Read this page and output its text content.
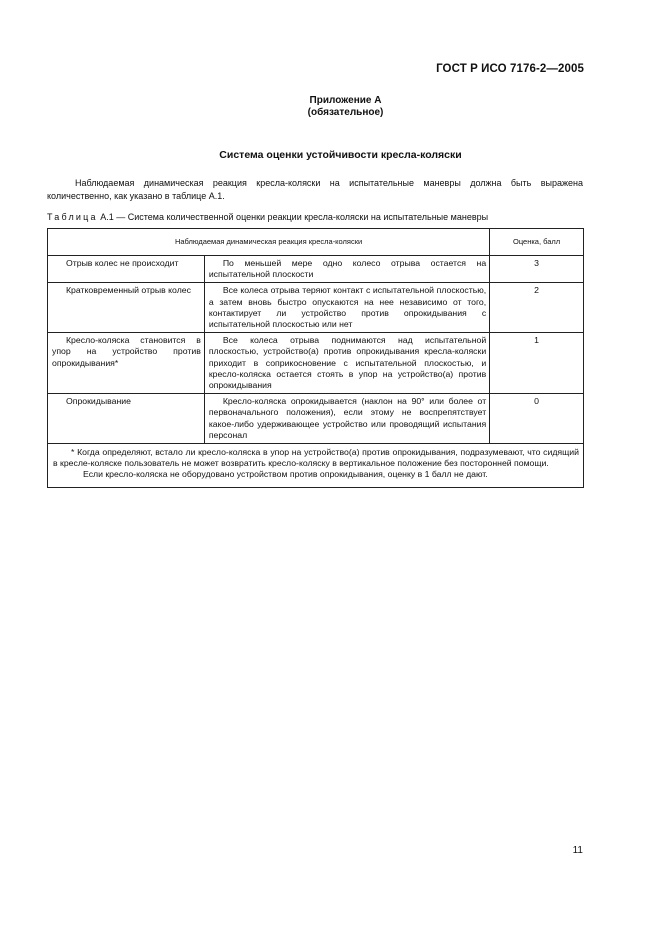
ГОСТ Р ИСО 7176-2—2005
Приложение А
(обязательное)
Система оценки устойчивости кресла-коляски

Наблюдаемая динамическая реакция кресла-коляски на испытательные маневры должна быть выражена количественно, как указано в таблице А.1.

Таблица А.1 — Система количественной оценки реакции кресла-коляски на испытательные маневры
Наблюдаемая динамическая реакция кресла-коляски		Оценка, балл
Отрыв колес не происходит	По меньшей мере одно колесо отрыва остается на испытательной плоскости	3
Кратковременный отрыв колес	Все колеса отрыва теряют контакт с испытательной плоскостью, а затем вновь быстро опускаются на нее независимо от того, контактирует ли устройство против опрокидывания с испытательной плоскостью или нет	2
Кресло-коляска становится в упор на устройство против опрокидывания*	Все колеса отрыва поднимаются над испытательной плоскостью, устройство(а) против опрокидывания кресла-коляски приходит в соприкосновение с испытательной плоскостью, и кресло-коляска остается стоять в упор на устройство(а) против опрокидывания	1
Опрокидывание	Кресло-коляска опрокидывается (наклон на 90° или более от первоначального положения), если этому не воспрепятствует какое-либо удерживающее устройство или проводящий испытания персонал	0

* Когда определяют, встало ли кресло-коляска в упор на устройство(а) против опрокидывания, подразумевают, что сидящий в кресле-коляске пользователь не может возвратить кресло-коляску в вертикальное положение без посторонней помощи.
Если кресло-коляска не оборудовано устройством против опрокидывания, оценку в 1 балл не дают.		
11
